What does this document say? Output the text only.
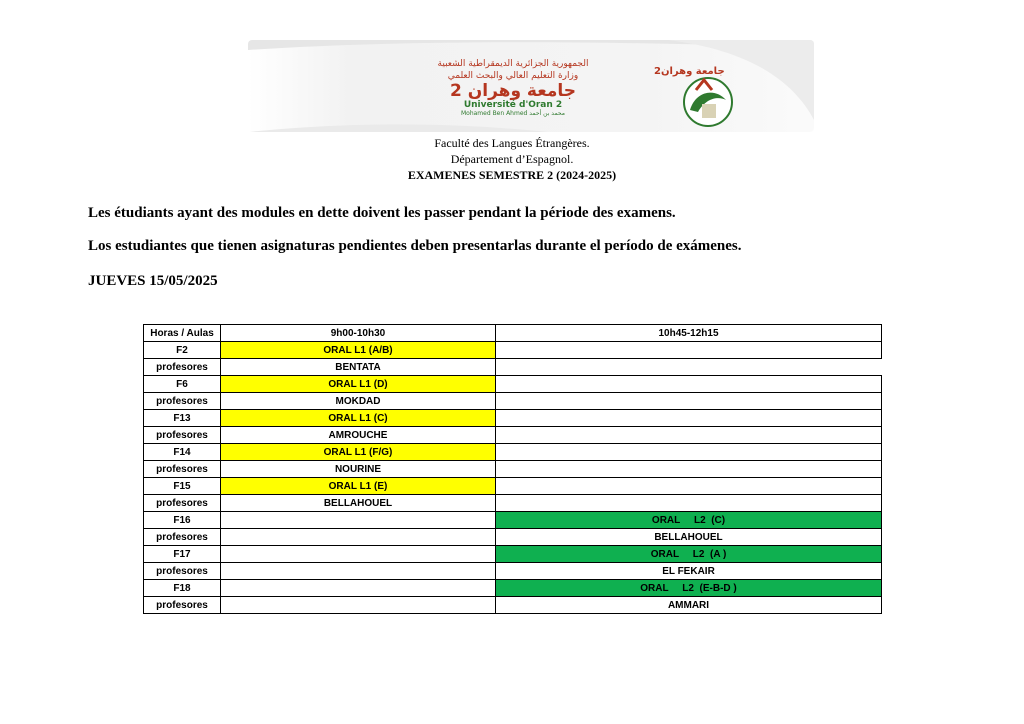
الجمهورية الجزائرية الديمقراطية الشعبية
وزارة التعليم العالي والبحث العلمي
جامعة وهران 2
Université d'Oran 2
Mohamed Ben Ahmed محمد بن أحمد
جامعة وهران2
Faculté des Langues Étrangères.
Département d’Espagnol.
EXAMENES SEMESTRE 2 (2024-2025)
Les étudiants ayant des modules en dette doivent les passer pendant la période des examens.
Los estudiantes que tienen asignaturas pendientes deben presentarlas durante el período de exámenes.
JUEVES 15/05/2025
Horas / Aulas	9h00-10h30	10h45-12h15
F2	ORAL L1 (A/B)	
profesores	BENTATA	
F6	ORAL L1 (D)	
profesores	MOKDAD	
F13	ORAL L1 (C)	
profesores	AMROUCHE	
F14	ORAL L1 (F/G)	
profesores	NOURINE	
F15	ORAL L1 (E)	
profesores	BELLAHOUEL	
F16		ORAL     L2  (C)
profesores		BELLAHOUEL
F17		ORAL     L2  (A )
profesores		EL FEKAIR
F18		ORAL     L2  (E-B-D )
profesores		AMMARI
